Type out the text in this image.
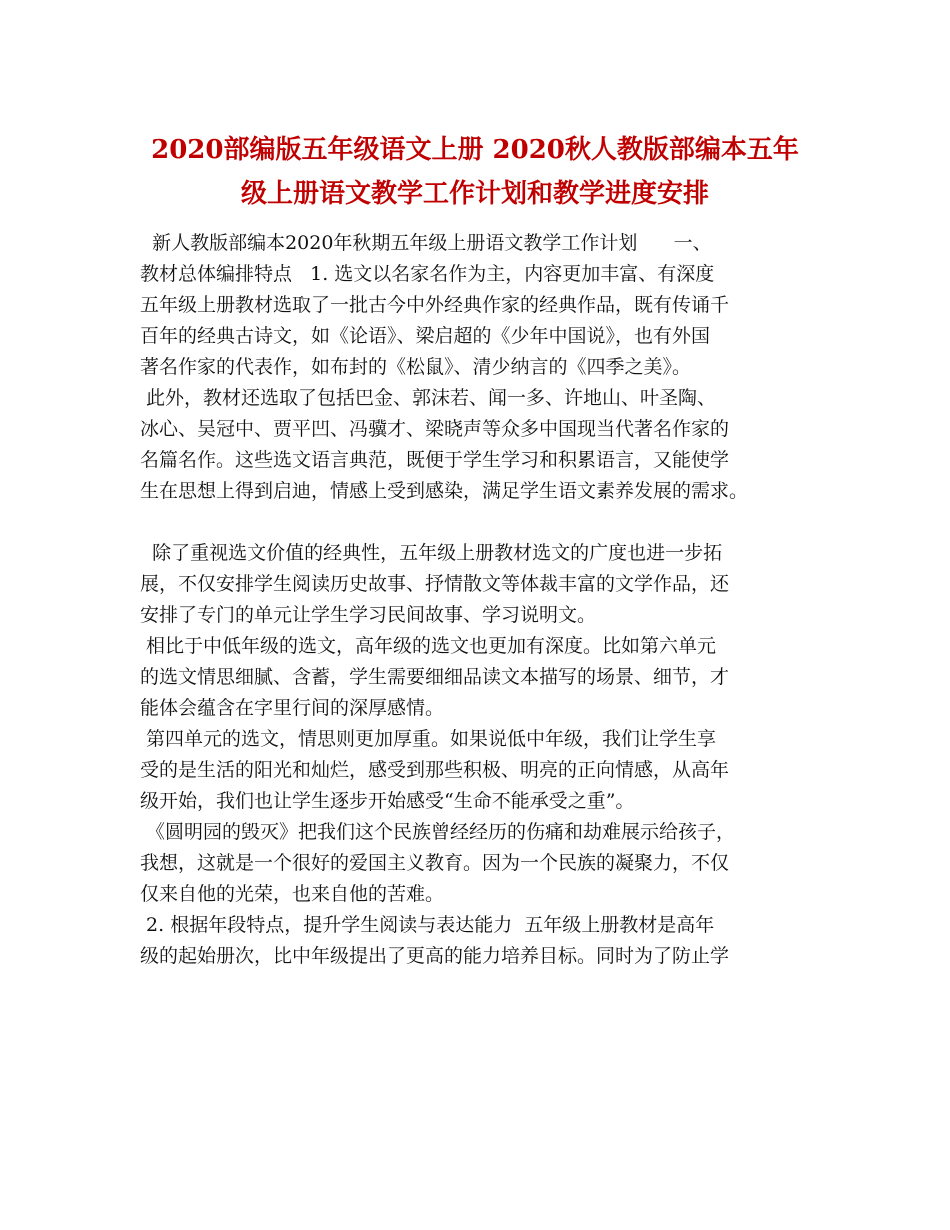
2020部编版五年级语文上册 2020秋人教版部编本五年
级上册语文教学工作计划和教学进度安排
新人教版部编本2020年秋期五年级上册语文教学工作计划      一、
教材总体编排特点   1. 选文以名家名作为主，内容更加丰富、有深度
五年级上册教材选取了一批古今中外经典作家的经典作品，既有传诵千
百年的经典古诗文，如《论语》、梁启超的《少年中国说》，也有外国
著名作家的代表作，如布封的《松鼠》、清少纳言的《四季之美》。
此外，教材还选取了包括巴金、郭沫若、闻一多、许地山、叶圣陶、
冰心、吴冠中、贾平凹、冯骥才、梁晓声等众多中国现当代著名作家的
名篇名作。这些选文语言典范，既便于学生学习和积累语言，又能使学
生在思想上得到启迪，情感上受到感染，满足学生语文素养发展的需求。
除了重视选文价值的经典性，五年级上册教材选文的广度也进一步拓
展，不仅安排学生阅读历史故事、抒情散文等体裁丰富的文学作品，还
安排了专门的单元让学生学习民间故事、学习说明文。
相比于中低年级的选文，高年级的选文也更加有深度。比如第六单元
的选文情思细腻、含蓄，学生需要细细品读文本描写的场景、细节，才
能体会蕴含在字里行间的深厚感情。
第四单元的选文，情思则更加厚重。如果说低中年级，我们让学生享
受的是生活的阳光和灿烂，感受到那些积极、明亮的正向情感，从高年
级开始，我们也让学生逐步开始感受“生命不能承受之重”。
《圆明园的毁灭》把我们这个民族曾经经历的伤痛和劫难展示给孩子，
我想，这就是一个很好的爱国主义教育。因为一个民族的凝聚力，不仅
仅来自他的光荣，也来自他的苦难。
2. 根据年段特点，提升学生阅读与表达能力  五年级上册教材是高年
级的起始册次，比中年级提出了更高的能力培养目标。同时为了防止学
